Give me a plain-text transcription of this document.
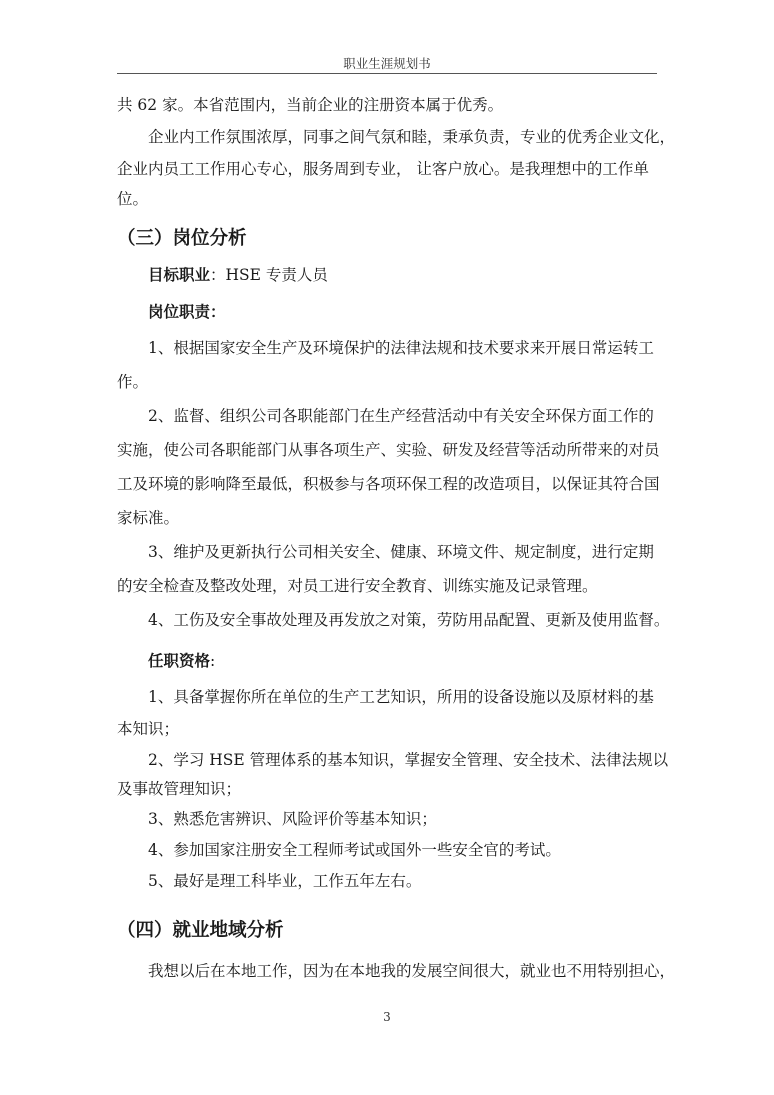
职业生涯规划书

共 62 家。本省范围内，当前企业的注册资本属于优秀。

企业内工作氛围浓厚，同事之间气氛和睦，秉承负责，专业的优秀企业文化，

企业内员工工作用心专心，服务周到专业， 让客户放心。是我理想中的工作单

位。

（三）岗位分析

目标职业：HSE 专责人员

岗位职责：

1、根据国家安全生产及环境保护的法律法规和技术要求来开展日常运转工

作。

2、监督、组织公司各职能部门在生产经营活动中有关安全环保方面工作的

实施，使公司各职能部门从事各项生产、实验、研发及经营等活动所带来的对员

工及环境的影响降至最低，积极参与各项环保工程的改造项目，以保证其符合国

家标准。

3、维护及更新执行公司相关安全、健康、环境文件、规定制度，进行定期

的安全检查及整改处理，对员工进行安全教育、训练实施及记录管理。

4、工伤及安全事故处理及再发放之对策，劳防用品配置、更新及使用监督。

任职资格:

1、具备掌握你所在单位的生产工艺知识，所用的设备设施以及原材料的基

本知识；

2、学习 HSE 管理体系的基本知识，掌握安全管理、安全技术、法律法规以

及事故管理知识；

3、熟悉危害辨识、风险评价等基本知识；

4、参加国家注册安全工程师考试或国外一些安全官的考试。

5、最好是理工科毕业，工作五年左右。

（四）就业地域分析

我想以后在本地工作，因为在本地我的发展空间很大，就业也不用特别担心，

3
